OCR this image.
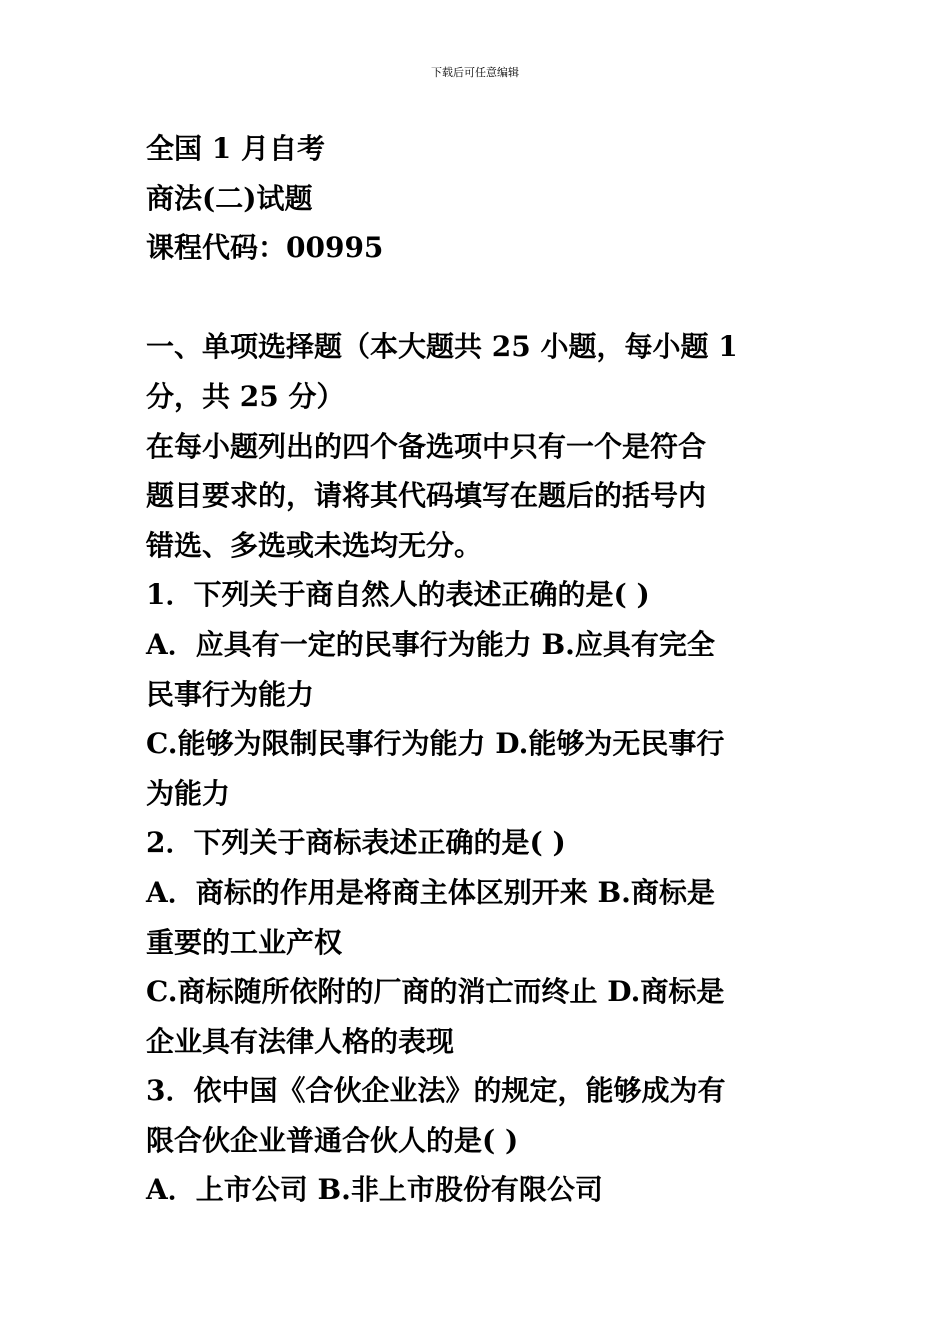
下载后可任意编辑
全国 1 月自考
商法(二)试题
课程代码：00995
一、单项选择题（本大题共 25 小题，每小题 1
分，共 25 分）
在每小题列出的四个备选项中只有一个是符合
题目要求的，请将其代码填写在题后的括号内
错选、多选或未选均无分。
1．下列关于商自然人的表述正确的是( )
A．应具有一定的民事行为能力 B.应具有完全
民事行为能力
C.能够为限制民事行为能力 D.能够为无民事行
为能力
2．下列关于商标表述正确的是( )
A．商标的作用是将商主体区别开来 B.商标是
重要的工业产权
C.商标随所依附的厂商的消亡而终止 D.商标是
企业具有法律人格的表现
3．依中国《合伙企业法》的规定，能够成为有
限合伙企业普通合伙人的是( )
A．上市公司 B.非上市股份有限公司
